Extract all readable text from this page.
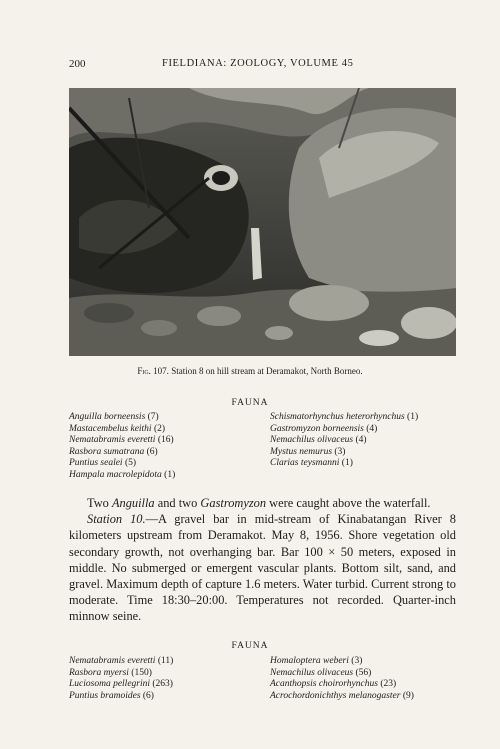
200	FIELDIANA: ZOOLOGY, VOLUME 45
Fig. 107. Station 8 on hill stream at Deramakot, North Borneo.
FAUNA
Anguilla borneensis (7)
Mastacembelus keithi (2)
Nematabramis everetti (16)
Rasbora sumatrana (6)
Puntius sealei (5)
Hampala macrolepidota (1)
Schismatorhynchus heterorhynchus (1)
Gastromyzon borneensis (4)
Nemachilus olivaceus (4)
Mystus nemurus (3)
Clarias teysmanni (1)

Two Anguilla and two Gastromyzon were caught above the waterfall.

Station 10.—A gravel bar in mid-stream of Kinabatangan River 8 kilometers upstream from Deramakot. May 8, 1956. Shore vegetation old secondary growth, not overhanging bar. Bar 100 × 50 meters, exposed in middle. No submerged or emergent vascular plants. Bottom silt, sand, and gravel. Maximum depth of capture 1.6 meters. Water turbid. Current strong to moderate. Time 18:30–20:00. Temperatures not recorded. Quarter-inch minnow seine.

FAUNA
Nematabramis everetti (11)
Rasbora myersi (150)
Luciosoma pellegrini (263)
Puntius bramoides (6)
Homaloptera weberi (3)
Nemachilus olivaceus (56)
Acanthopsis choirorhynchus (23)
Acrochordonichthys melanogaster (9)
